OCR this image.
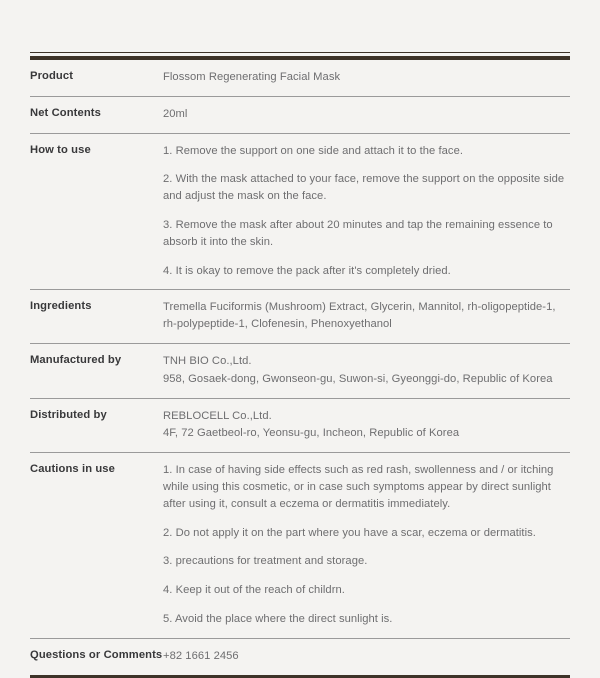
Product	Flossom Regenerating Facial Mask

Net Contents	20ml

How to use	1. Remove the support on one side and attach it to the face.

2. With the mask attached to your face, remove the support on the opposite side and adjust the mask on the face.

3. Remove the mask after about 20 minutes and tap the remaining essence to absorb it into the skin.

4. It is okay to remove the pack after it's completely dried.

Ingredients	Tremella Fuciformis (Mushroom) Extract, Glycerin, Mannitol, rh-oligopeptide-1, rh-polypeptide-1, Clofenesin, Phenoxyethanol

Manufactured by	TNH BIO Co.,Ltd.

958, Gosaek-dong, Gwonseon-gu, Suwon-si, Gyeonggi-do, Republic of Korea

Distributed by	REBLOCELL Co.,Ltd.

4F, 72 Gaetbeol-ro, Yeonsu-gu, Incheon, Republic of Korea

Cautions in use	1. In case of having side effects such as red rash, swollenness and / or itching while using this cosmetic, or in case such symptoms appear by direct sunlight after using it, consult a eczema or dermatitis immediately.

2. Do not apply it on the part where you have a scar, eczema or dermatitis.

3. precautions for treatment and storage.

4. Keep it out of the reach of childrn.

5. Avoid the place where the direct sunlight is.

Questions or Comments	+82 1661 2456
